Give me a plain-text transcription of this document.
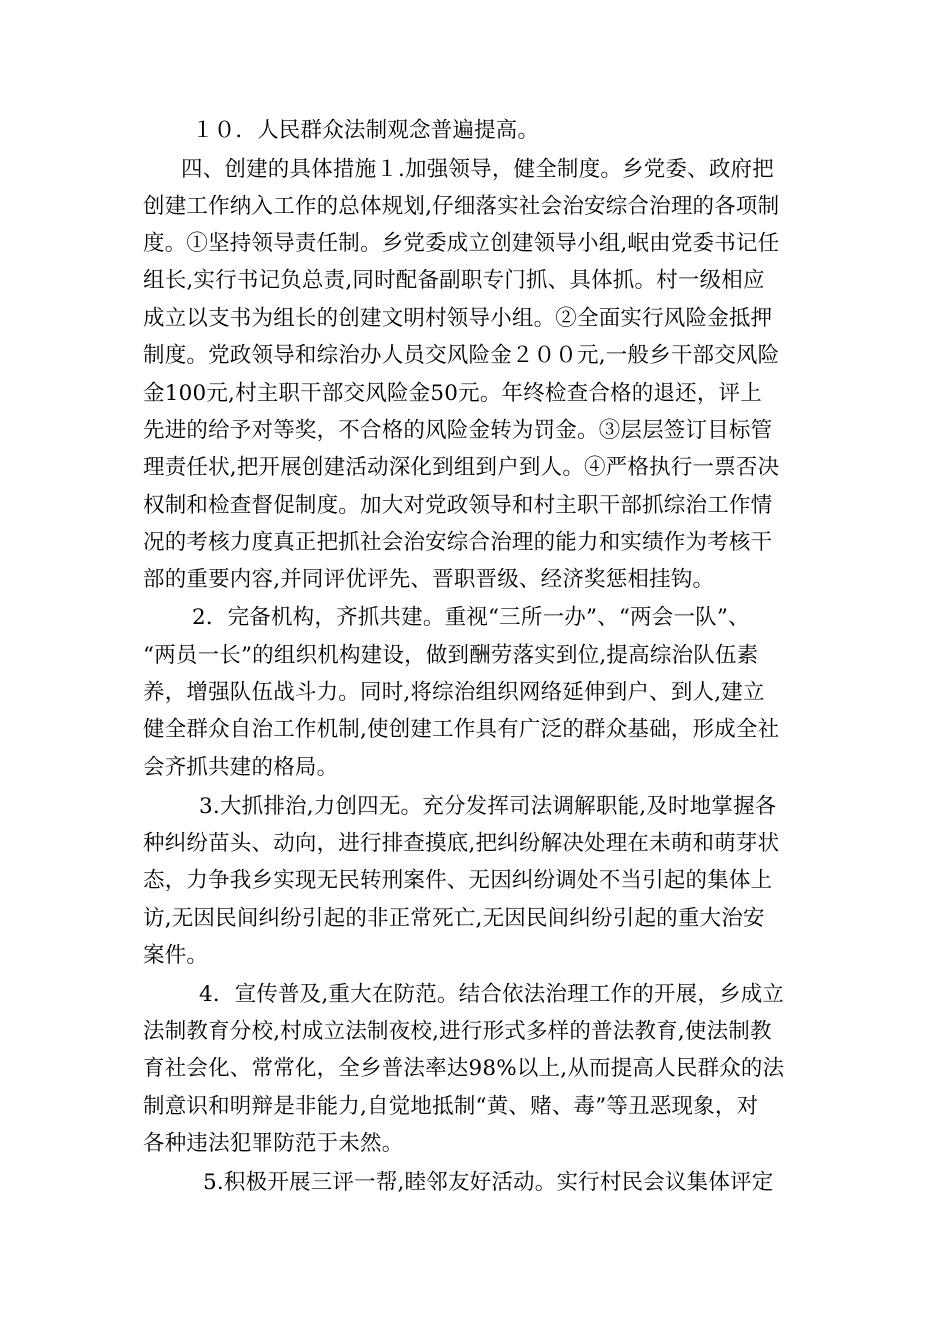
１０．人民群众法制观念普遍提高。
四、创建的具体措施１.加强领导，健全制度。乡党委、政府把
创建工作纳入工作的总体规划,仔细落实社会治安综合治理的各项制
度。①坚持领导责任制。乡党委成立创建领导小组,岷由党委书记任
组长,实行书记负总责,同时配备副职专门抓、具体抓。村一级相应
成立以支书为组长的创建文明村领导小组。②全面实行风险金抵押
制度。党政领导和综治办人员交风险金２００元,一般乡干部交风险
金100元,村主职干部交风险金50元。年终检查合格的退还，评上
先进的给予对等奖，不合格的风险金转为罚金。③层层签订目标管
理责任状,把开展创建活动深化到组到户到人。④严格执行一票否决
权制和检查督促制度。加大对党政领导和村主职干部抓综治工作情
况的考核力度真正把抓社会治安综合治理的能力和实绩作为考核干
部的重要内容,并同评优评先、晋职晋级、经济奖惩相挂钩。
2．完备机构，齐抓共建。重视“三所一办”、“两会一队”、
“两员一长”的组织机构建设，做到酬劳落实到位,提高综治队伍素
养，增强队伍战斗力。同时,将综治组织网络延伸到户、到人,建立
健全群众自治工作机制,使创建工作具有广泛的群众基础，形成全社
会齐抓共建的格局。
3.大抓排治,力创四无。充分发挥司法调解职能,及时地掌握各
种纠纷苗头、动向，进行排查摸底,把纠纷解决处理在未萌和萌芽状
态，力争我乡实现无民转刑案件、无因纠纷调处不当引起的集体上
访,无因民间纠纷引起的非正常死亡,无因民间纠纷引起的重大治安
案件。
4．宣传普及,重大在防范。结合依法治理工作的开展，乡成立
法制教育分校,村成立法制夜校,进行形式多样的普法教育,使法制教
育社会化、常常化，全乡普法率达98%以上,从而提高人民群众的法
制意识和明辩是非能力,自觉地抵制“黄、赌、毒”等丑恶现象，对
各种违法犯罪防范于未然。
5.积极开展三评一帮,睦邻友好活动。实行村民会议集体评定
